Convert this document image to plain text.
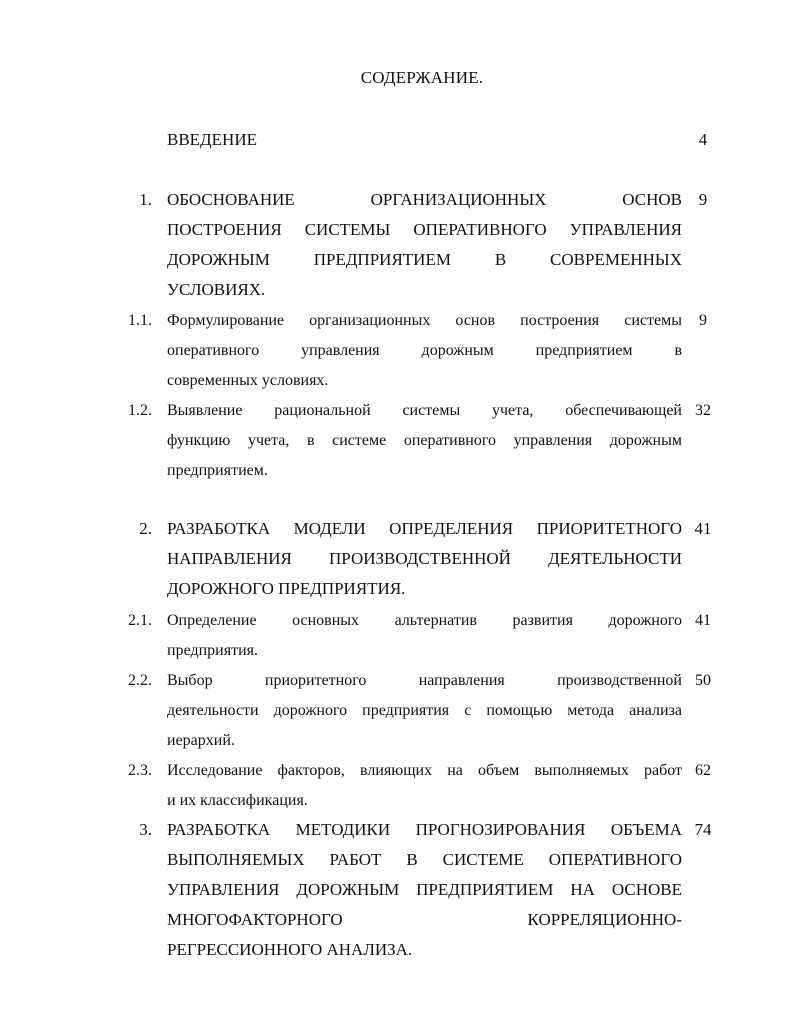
СОДЕРЖАНИЕ.
ВВЕДЕНИЕ	4
1. ОБОСНОВАНИЕ ОРГАНИЗАЦИОННЫХ ОСНОВ
ПОСТРОЕНИЯ СИСТЕМЫ ОПЕРАТИВНОГО УПРАВЛЕНИЯ
ДОРОЖНЫМ ПРЕДПРИЯТИЕМ В СОВРЕМЕННЫХ
УСЛОВИЯХ.
9
1.1. Формулирование организационных основ построения системы
оперативного управления дорожным предприятием в
современных условиях.
9
1.2. Выявление рациональной системы учета, обеспечивающей
функцию учета, в системе оперативного управления дорожным
предприятием.
32
2. РАЗРАБОТКА МОДЕЛИ ОПРЕДЕЛЕНИЯ ПРИОРИТЕТНОГО
НАПРАВЛЕНИЯ ПРОИЗВОДСТВЕННОЙ ДЕЯТЕЛЬНОСТИ
ДОРОЖНОГО ПРЕДПРИЯТИЯ.
41
2.1. Определение основных альтернатив развития дорожного
предприятия.
41
2.2. Выбор приоритетного направления производственной
деятельности дорожного предприятия с помощью метода анализа
иерархий.
50
2.3. Исследование факторов, влияющих на объем выполняемых работ
и их классификация.
62
3. РАЗРАБОТКА МЕТОДИКИ ПРОГНОЗИРОВАНИЯ ОБЪЕМА
ВЫПОЛНЯЕМЫХ РАБОТ В СИСТЕМЕ ОПЕРАТИВНОГО
УПРАВЛЕНИЯ ДОРОЖНЫМ ПРЕДПРИЯТИЕМ НА ОСНОВЕ
МНОГОФАКТОРНОГО КОРРЕЛЯЦИОННО-
РЕГРЕССИОННОГО АНАЛИЗА.
74
